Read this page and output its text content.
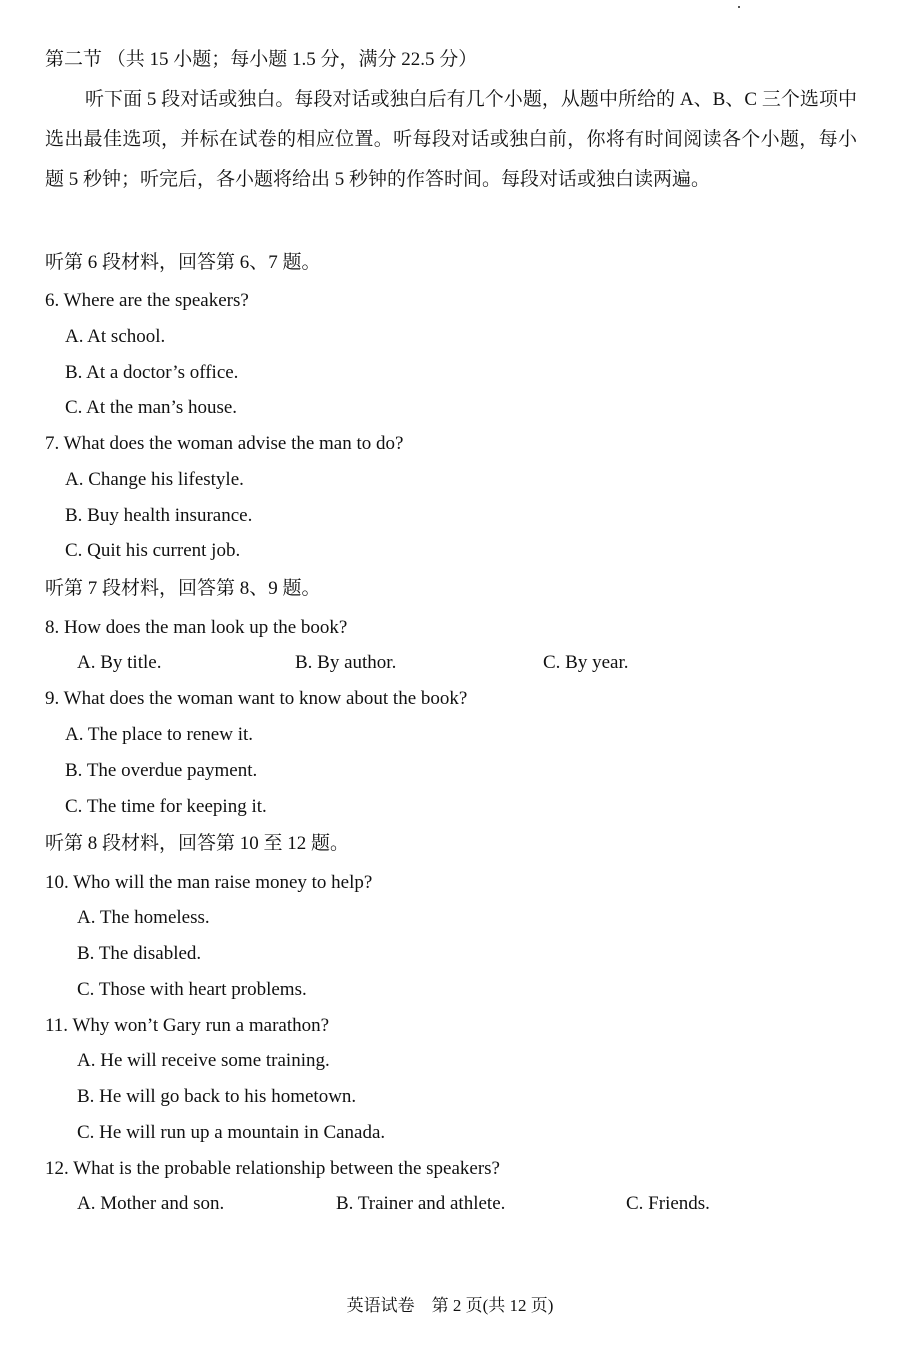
第二节 （共 15 小题；每小题 1.5 分，满分 22.5 分）
听下面 5 段对话或独白。每段对话或独白后有几个小题，从题中所给的 A、B、C 三个选项中选出最佳选项，并标在试卷的相应位置。听每段对话或独白前，你将有时间阅读各个小题，每小题 5 秒钟；听完后，各小题将给出 5 秒钟的作答时间。每段对话或独白读两遍。
听第 6 段材料，回答第 6、7 题。
6. Where are the speakers?
A. At school.
B. At a doctor’s office.
C. At the man’s house.
7. What does the woman advise the man to do?
A. Change his lifestyle.
B. Buy health insurance.
C. Quit his current job.
听第 7 段材料，回答第 8、9 题。
8. How does the man look up the book?
A. By title.	B. By author.	C. By year.
9. What does the woman want to know about the book?
A. The place to renew it.
B. The overdue payment.
C. The time for keeping it.
听第 8 段材料，回答第 10 至 12 题。
10. Who will the man raise money to help?
A. The homeless.
B. The disabled.
C. Those with heart problems.
11. Why won’t Gary run a marathon?
A. He will receive some training.
B. He will go back to his hometown.
C. He will run up a mountain in Canada.
12. What is the probable relationship between the speakers?
A. Mother and son.	B. Trainer and athlete.	C. Friends.
英语试卷　第 2 页(共 12 页)
